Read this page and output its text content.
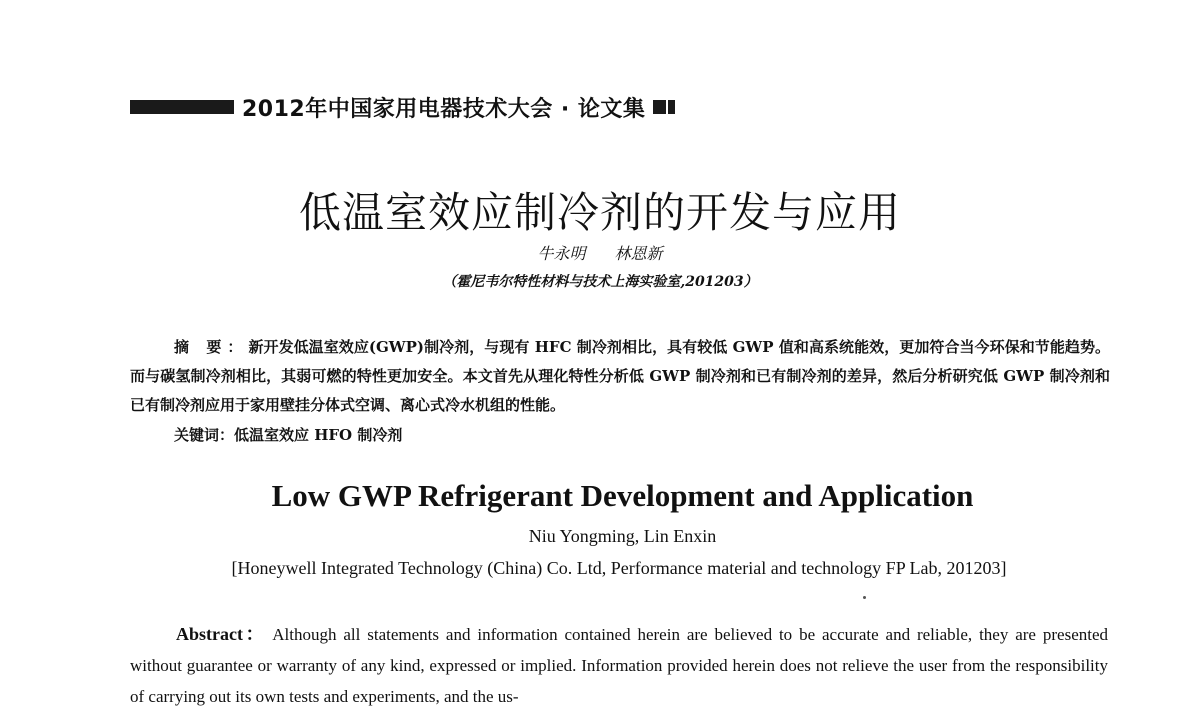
2012年中国家用电器技术大会 · 论文集
低温室效应制冷剂的开发与应用
牛永明 林恩新
（霍尼韦尔特性材料与技术上海实验室,201203）

摘 要：新开发低温室效应(GWP)制冷剂，与现有 HFC 制冷剂相比，具有较低 GWP 值和高系统能效，更加符合当今环保和节能趋势。而与碳氢制冷剂相比，其弱可燃的特性更加安全。本文首先从理化特性分析低 GWP 制冷剂和已有制冷剂的差异，然后分析研究低 GWP 制冷剂和已有制冷剂应用于家用壁挂分体式空调、离心式冷水机组的性能。

关键词：低温室效应 HFO 制冷剂
Low GWP Refrigerant Development and Application
Niu Yongming, Lin Enxin
[Honeywell Integrated Technology (China) Co. Ltd, Performance material and technology FP Lab, 201203]

Abstract： Although all statements and information contained herein are believed to be accurate and reliable, they are presented without guarantee or warranty of any kind, expressed or implied. Information provided herein does not relieve the user from the responsibility of carrying out its own tests and experiments, and the us-
